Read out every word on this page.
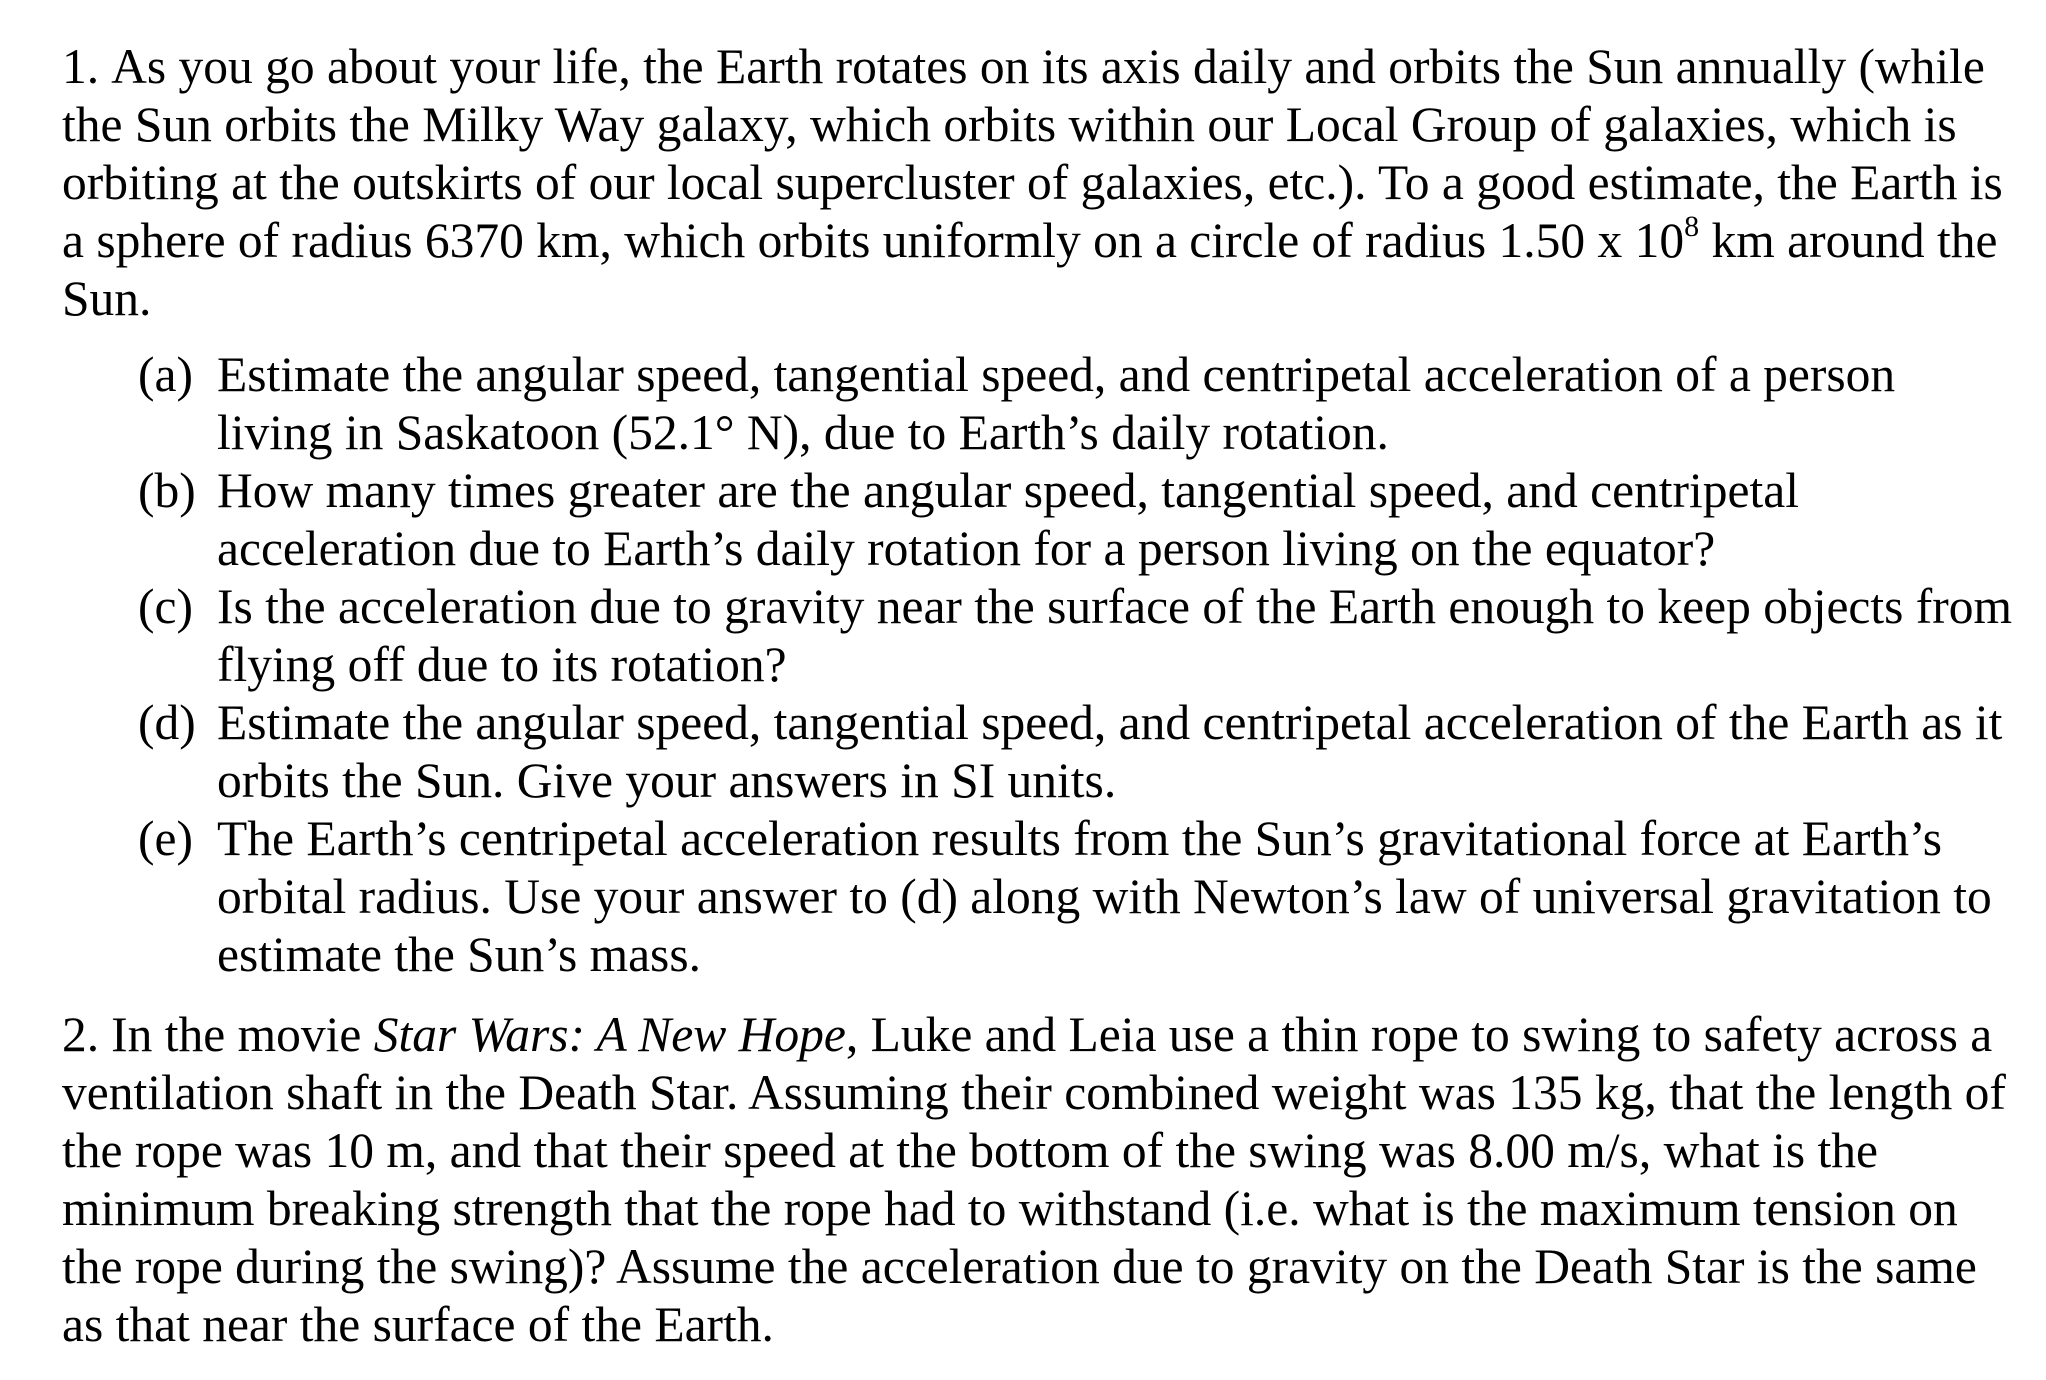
1. As you go about your life, the Earth rotates on its axis daily and orbits the Sun annually (while the Sun orbits the Milky Way galaxy, which orbits within our Local Group of galaxies, which is orbiting at the outskirts of our local supercluster of galaxies, etc.). To a good estimate, the Earth is a sphere of radius 6370 km, which orbits uniformly on a circle of radius 1.50 x $10^8$ km around the Sun.

(a) Estimate the angular speed, tangential speed, and centripetal acceleration of a person living in Saskatoon (52.1° N), due to Earth’s daily rotation.
(b) How many times greater are the angular speed, tangential speed, and centripetal acceleration due to Earth’s daily rotation for a person living on the equator?
(c) Is the acceleration due to gravity near the surface of the Earth enough to keep objects from flying off due to its rotation?
(d) Estimate the angular speed, tangential speed, and centripetal acceleration of the Earth as it orbits the Sun. Give your answers in SI units.
(e) The Earth’s centripetal acceleration results from the Sun’s gravitational force at Earth’s orbital radius. Use your answer to (d) along with Newton’s law of universal gravitation to estimate the Sun’s mass.

2. In the movie Star Wars: A New Hope, Luke and Leia use a thin rope to swing to safety across a ventilation shaft in the Death Star. Assuming their combined weight was 135 kg, that the length of the rope was 10 m, and that their speed at the bottom of the swing was 8.00 m/s, what is the minimum breaking strength that the rope had to withstand (i.e. what is the maximum tension on the rope during the swing)? Assume the acceleration due to gravity on the Death Star is the same as that near the surface of the Earth.
